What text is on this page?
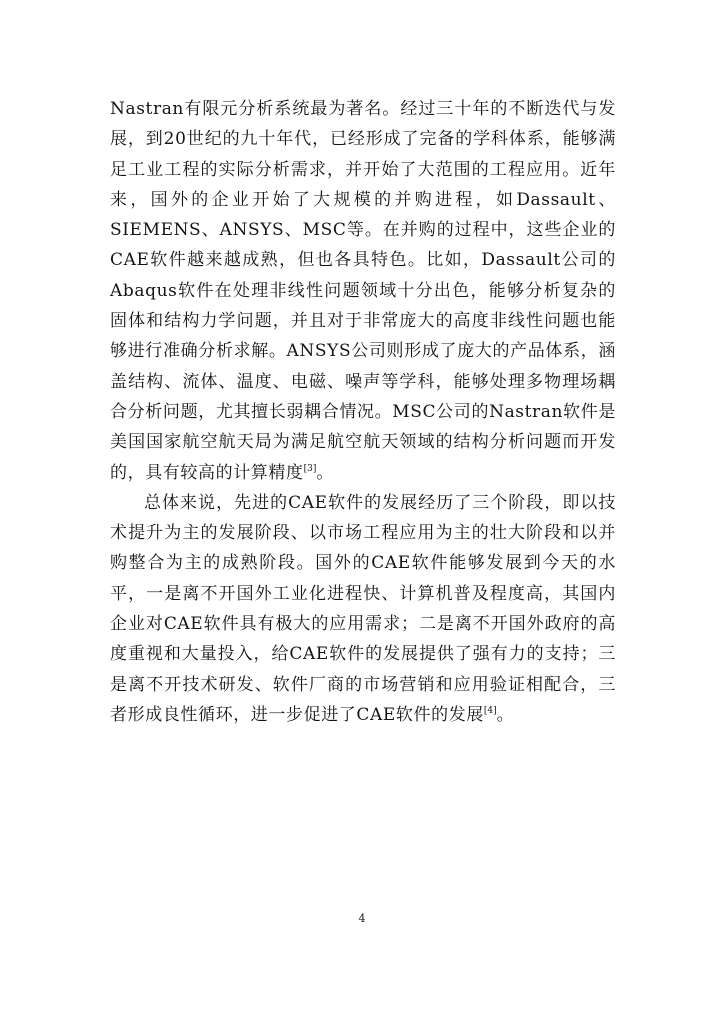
Nastran有限元分析系统最为著名。经过三十年的不断迭代与发展，到20世纪的九十年代，已经形成了完备的学科体系，能够满足工业工程的实际分析需求，并开始了大范围的工程应用。近年来，国外的企业开始了大规模的并购进程，如Dassault、SIEMENS、ANSYS、MSC等。在并购的过程中，这些企业的CAE软件越来越成熟，但也各具特色。比如，Dassault公司的Abaqus软件在处理非线性问题领域十分出色，能够分析复杂的固体和结构力学问题，并且对于非常庞大的高度非线性问题也能够进行准确分析求解。ANSYS公司则形成了庞大的产品体系，涵盖结构、流体、温度、电磁、噪声等学科，能够处理多物理场耦合分析问题，尤其擅长弱耦合情况。MSC公司的Nastran软件是美国国家航空航天局为满足航空航天领域的结构分析问题而开发的，具有较高的计算精度[3]。

总体来说，先进的CAE软件的发展经历了三个阶段，即以技术提升为主的发展阶段、以市场工程应用为主的壮大阶段和以并购整合为主的成熟阶段。国外的CAE软件能够发展到今天的水平，一是离不开国外工业化进程快、计算机普及程度高，其国内企业对CAE软件具有极大的应用需求；二是离不开国外政府的高度重视和大量投入，给CAE软件的发展提供了强有力的支持；三是离不开技术研发、软件厂商的市场营销和应用验证相配合，三者形成良性循环，进一步促进了CAE软件的发展[4]。

4
